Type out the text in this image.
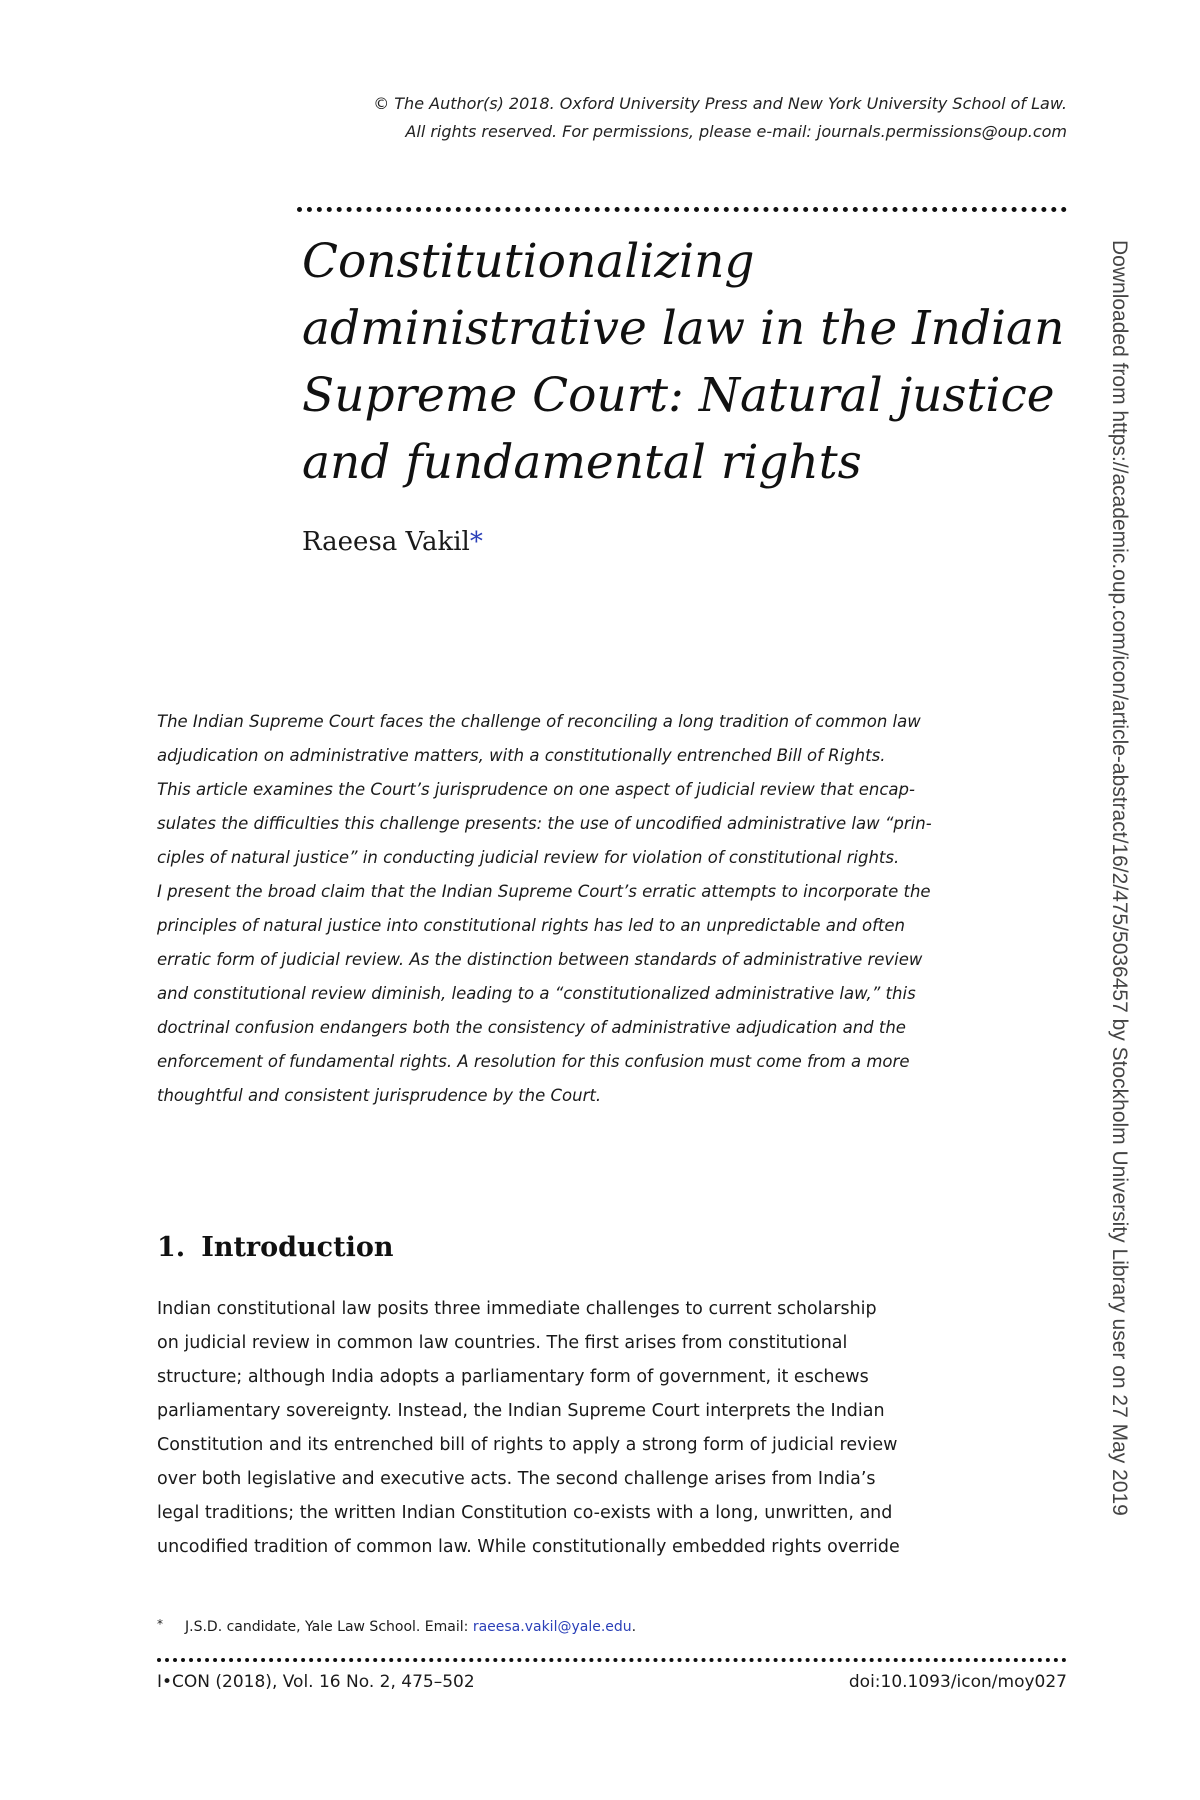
© The Author(s) 2018. Oxford University Press and New York University School of Law.
All rights reserved. For permissions, please e-mail: journals.permissions@oup.com
Constitutionalizing
administrative law in the Indian
Supreme Court: Natural justice
and fundamental rights
Raeesa Vakil*
The Indian Supreme Court faces the challenge of reconciling a long tradition of common law
adjudication on administrative matters, with a constitutionally entrenched Bill of Rights.
This article examines the Court’s jurisprudence on one aspect of judicial review that encap-
sulates the difficulties this challenge presents: the use of uncodified administrative law “prin-
ciples of natural justice” in conducting judicial review for violation of constitutional rights.
I present the broad claim that the Indian Supreme Court’s erratic attempts to incorporate the
principles of natural justice into constitutional rights has led to an unpredictable and often
erratic form of judicial review. As the distinction between standards of administrative review
and constitutional review diminish, leading to a “constitutionalized administrative law,” this
doctrinal confusion endangers both the consistency of administrative adjudication and the
enforcement of fundamental rights. A resolution for this confusion must come from a more
thoughtful and consistent jurisprudence by the Court.
1. Introduction
Indian constitutional law posits three immediate challenges to current scholarship
on judicial review in common law countries. The first arises from constitutional
structure; although India adopts a parliamentary form of government, it eschews
parliamentary sovereignty. Instead, the Indian Supreme Court interprets the Indian
Constitution and its entrenched bill of rights to apply a strong form of judicial review
over both legislative and executive acts. The second challenge arises from India’s
legal traditions; the written Indian Constitution co-exists with a long, unwritten, and
uncodified tradition of common law. While constitutionally embedded rights override
* J.S.D. candidate, Yale Law School. Email: raeesa.vakil@yale.edu.
I•CON (2018), Vol. 16 No. 2, 475–502	doi:10.1093/icon/moy027
Downloaded from https://academic.oup.com/icon/article-abstract/16/2/475/5036457 by Stockholm University Library user on 27 May 2019
